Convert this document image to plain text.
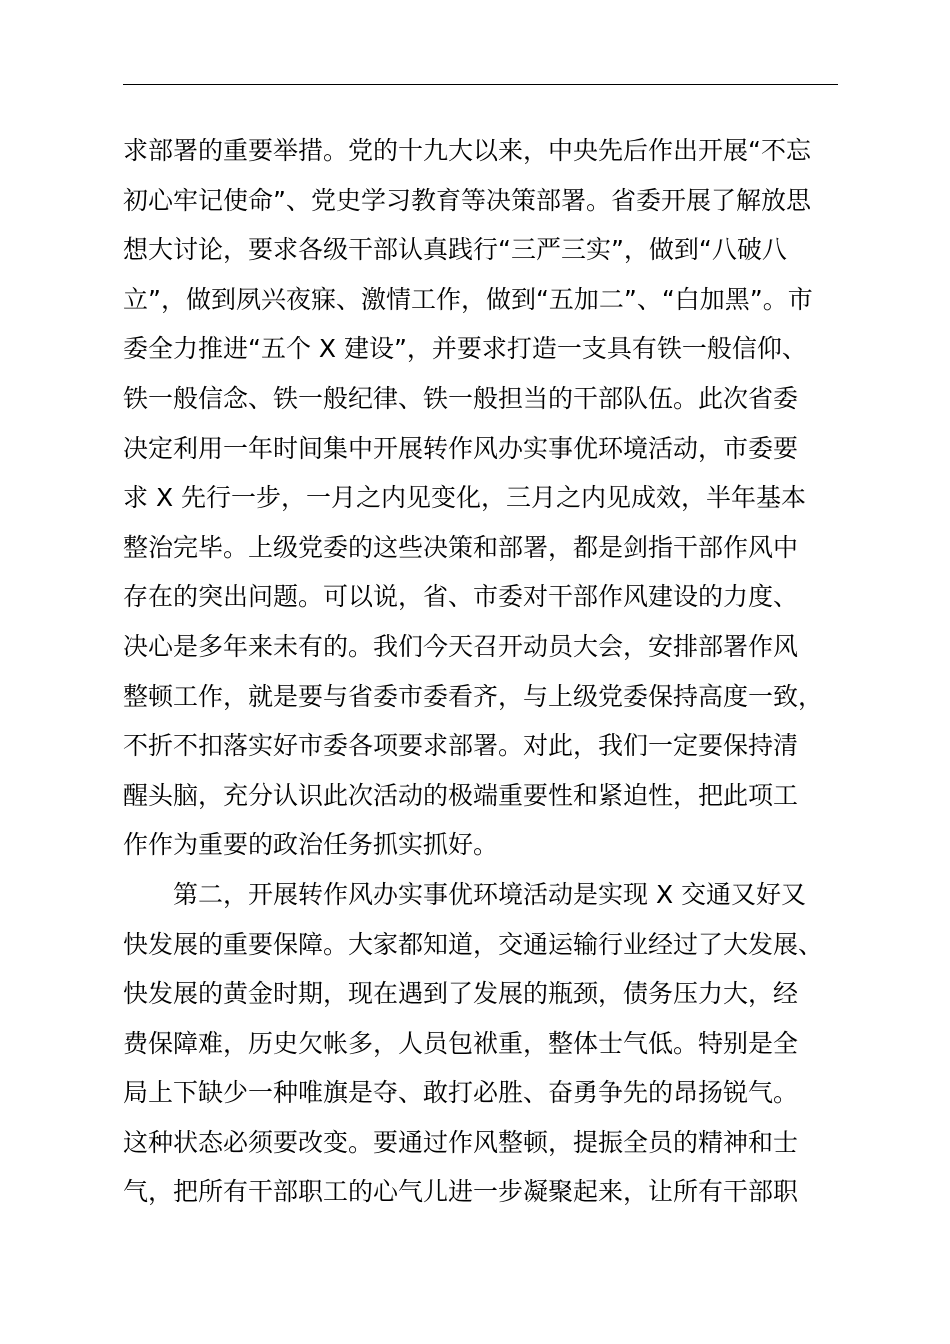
求部署的重要举措。党的十九大以来，中央先后作出开展“不忘
初心牢记使命”、党史学习教育等决策部署。省委开展了解放思
想大讨论，要求各级干部认真践行“三严三实”，做到“八破八
立”，做到夙兴夜寐、激情工作，做到“五加二”、“白加黑”。市
委全力推进“五个 X 建设”，并要求打造一支具有铁一般信仰、
铁一般信念、铁一般纪律、铁一般担当的干部队伍。此次省委
决定利用一年时间集中开展转作风办实事优环境活动，市委要
求 X 先行一步，一月之内见变化，三月之内见成效，半年基本
整治完毕。上级党委的这些决策和部署，都是剑指干部作风中
存在的突出问题。可以说，省、市委对干部作风建设的力度、
决心是多年来未有的。我们今天召开动员大会，安排部署作风
整顿工作，就是要与省委市委看齐，与上级党委保持高度一致，
不折不扣落实好市委各项要求部署。对此，我们一定要保持清
醒头脑，充分认识此次活动的极端重要性和紧迫性，把此项工
作作为重要的政治任务抓实抓好。
第二，开展转作风办实事优环境活动是实现 X 交通又好又
快发展的重要保障。大家都知道，交通运输行业经过了大发展、
快发展的黄金时期，现在遇到了发展的瓶颈，债务压力大，经
费保障难，历史欠帐多，人员包袱重，整体士气低。特别是全
局上下缺少一种唯旗是夺、敢打必胜、奋勇争先的昂扬锐气。
这种状态必须要改变。要通过作风整顿，提振全员的精神和士
气，把所有干部职工的心气儿进一步凝聚起来，让所有干部职
